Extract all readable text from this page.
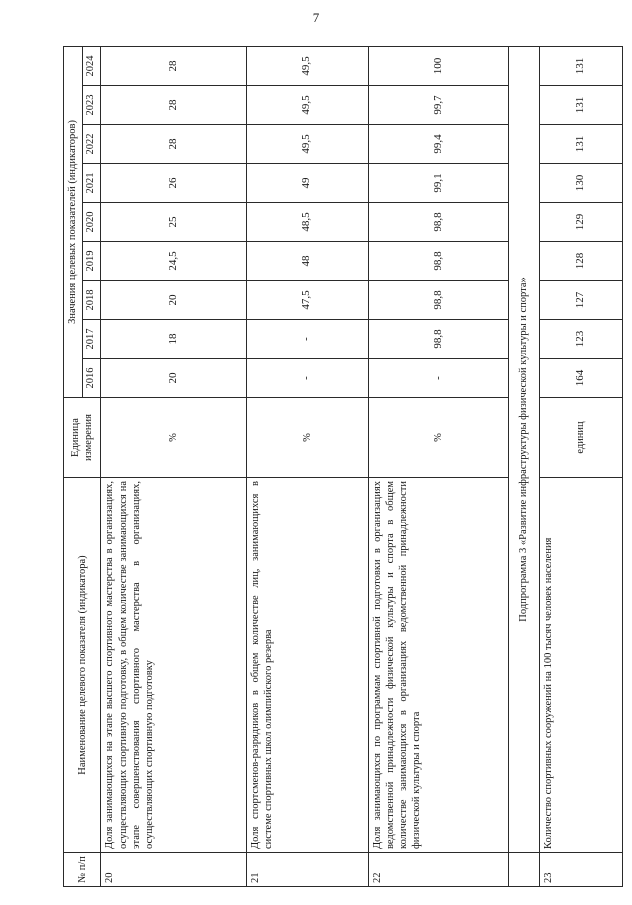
7
№ п/п	Наименование целевого показателя (индикатора)	Единица измерения	Значения целевых показателей (индикаторов)								
			2016	2017	2018	2019	2020	2021	2022	2023	2024
20	Доля занимающихся на этапе высшего спортивного мастерства в организациях, осуществляющих спортивную подготовку, в общем количестве занимающихся на этапе совершенствования спортивного мастерства в организациях, осуществляющих спортивную подготовку	%	20	18	20	24,5	25	26	28	28	28
21	Доля спортсменов-разрядников в общем количестве лиц, занимающихся в системе спортивных школ олимпийского резерва	%	-	-	47,5	48	48,5	49	49,5	49,5	49,5
22	Доля занимающихся по программам спортивной подготовки в организациях ведомственной принадлежности физической культуры и спорта в общем количестве занимающихся в организациях ведомственной принадлежности физической культуры и спорта	%	-	98,8	98,8	98,8	98,8	99,1	99,4	99,7	100
	Подпрограмма 3 «Развитие инфраструктуры физической культуры и спорта»										
23	Количество спортивных сооружений на 100 тысяч человек населения	единиц	164	123	127	128	129	130	131	131	131
